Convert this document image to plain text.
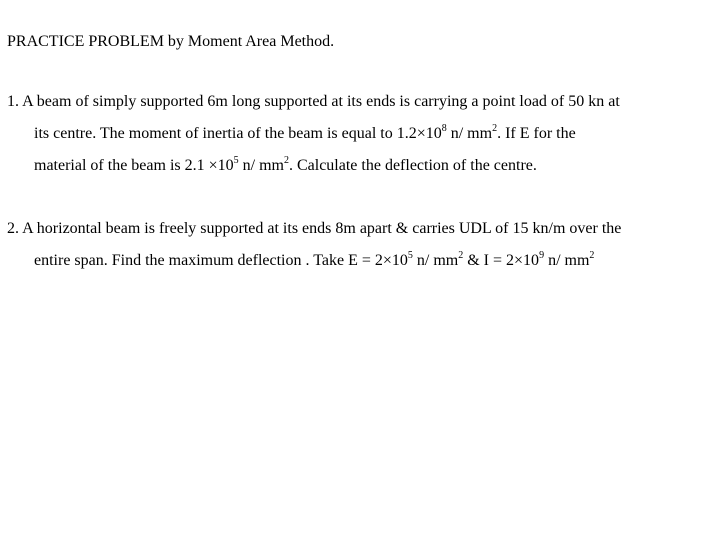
PRACTICE PROBLEM by Moment Area Method.
1. A beam of simply supported 6m long supported at its ends is carrying a point load of 50 kn at
its centre. The moment of inertia of the beam is equal to $1.2\times 10^8$ n/ $mm^2$. If E for the
material of the beam is $2.1 \times 10^5$ n/ $mm^2$. Calculate the deflection of the centre.
2. A horizontal beam is freely supported at its ends 8m apart & carries UDL of 15 kn/m over the
entire span. Find the maximum deflection . Take $E = 2\times 10^5$ n/ $mm^2$ & $I = 2\times 10^9$ n/ $mm^2$
